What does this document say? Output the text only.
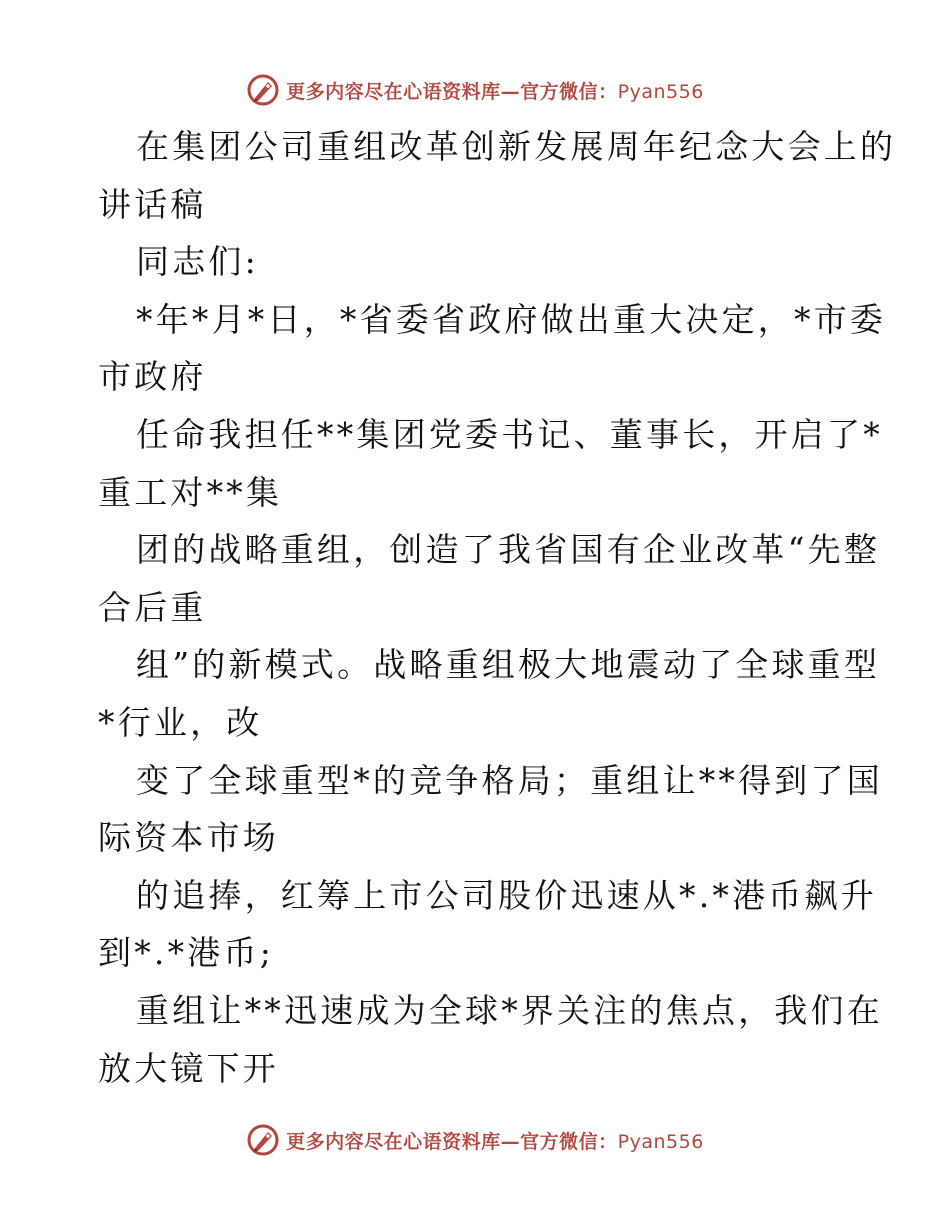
更多内容尽在心语资料库—官方微信：Pyan556
在集团公司重组改革创新发展周年纪念大会上的
讲话稿
同志们:
*年*月*日，*省委省政府做出重大决定，*市委
市政府
任命我担任**集团党委书记、董事长，开启了*
重工对**集
团的战略重组，创造了我省国有企业改革“先整
合后重
组”的新模式。战略重组极大地震动了全球重型
*行业，改
变了全球重型*的竞争格局；重组让**得到了国
际资本市场
的追捧，红筹上市公司股价迅速从*.*港币飙升
到*.*港币;
重组让**迅速成为全球*界关注的焦点，我们在
放大镜下开
更多内容尽在心语资料库—官方微信：Pyan556
